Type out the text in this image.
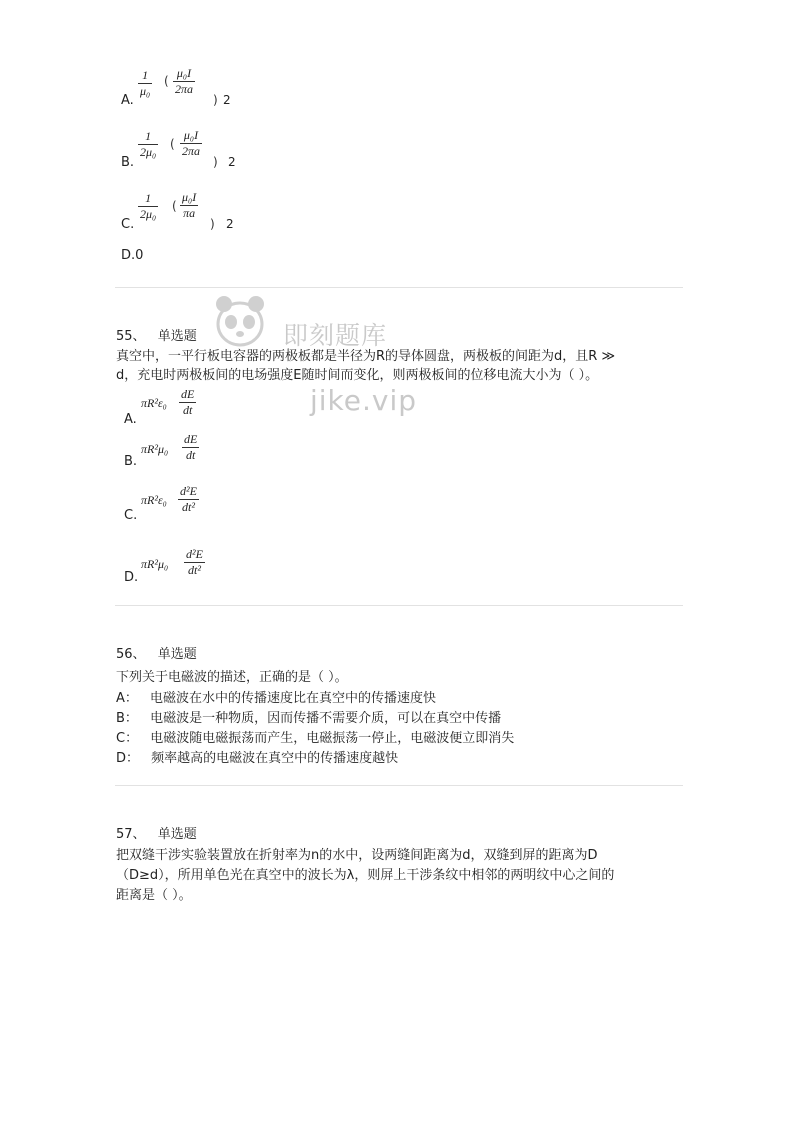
1
μ₀
(
μ₀I
2πa
A.	) 2
1
2μ₀
(
μ₀I
2πa
B.	) 2
1
2μ₀
(
μ₀I
πa
C.	) 2
D.0
即刻题库
jike.vip
55、 单选题
真空中，一平行板电容器的两极板都是半径为R的导体圆盘，两极板的间距为d，且R ≫
d，充电时两极板间的电场强度E随时间而变化，则两极板间的位移电流大小为（ ）。
A.
πR²ε₀
dE
dt
B.
πR²μ₀
dE
dt
C.
πR²ε₀
d²E
dt²
D.
πR²μ₀
d²E
dt²
56、 单选题
下列关于电磁波的描述，正确的是（ ）。
A： 电磁波在水中的传播速度比在真空中的传播速度快
B： 电磁波是一种物质，因而传播不需要介质，可以在真空中传播
C： 电磁波随电磁振荡而产生，电磁振荡一停止，电磁波便立即消失
D： 频率越高的电磁波在真空中的传播速度越快
57、 单选题
把双缝干涉实验装置放在折射率为n的水中，设两缝间距离为d，双缝到屏的距离为D
（D≥d），所用单色光在真空中的波长为λ，则屏上干涉条纹中相邻的两明纹中心之间的
距离是（ ）。
